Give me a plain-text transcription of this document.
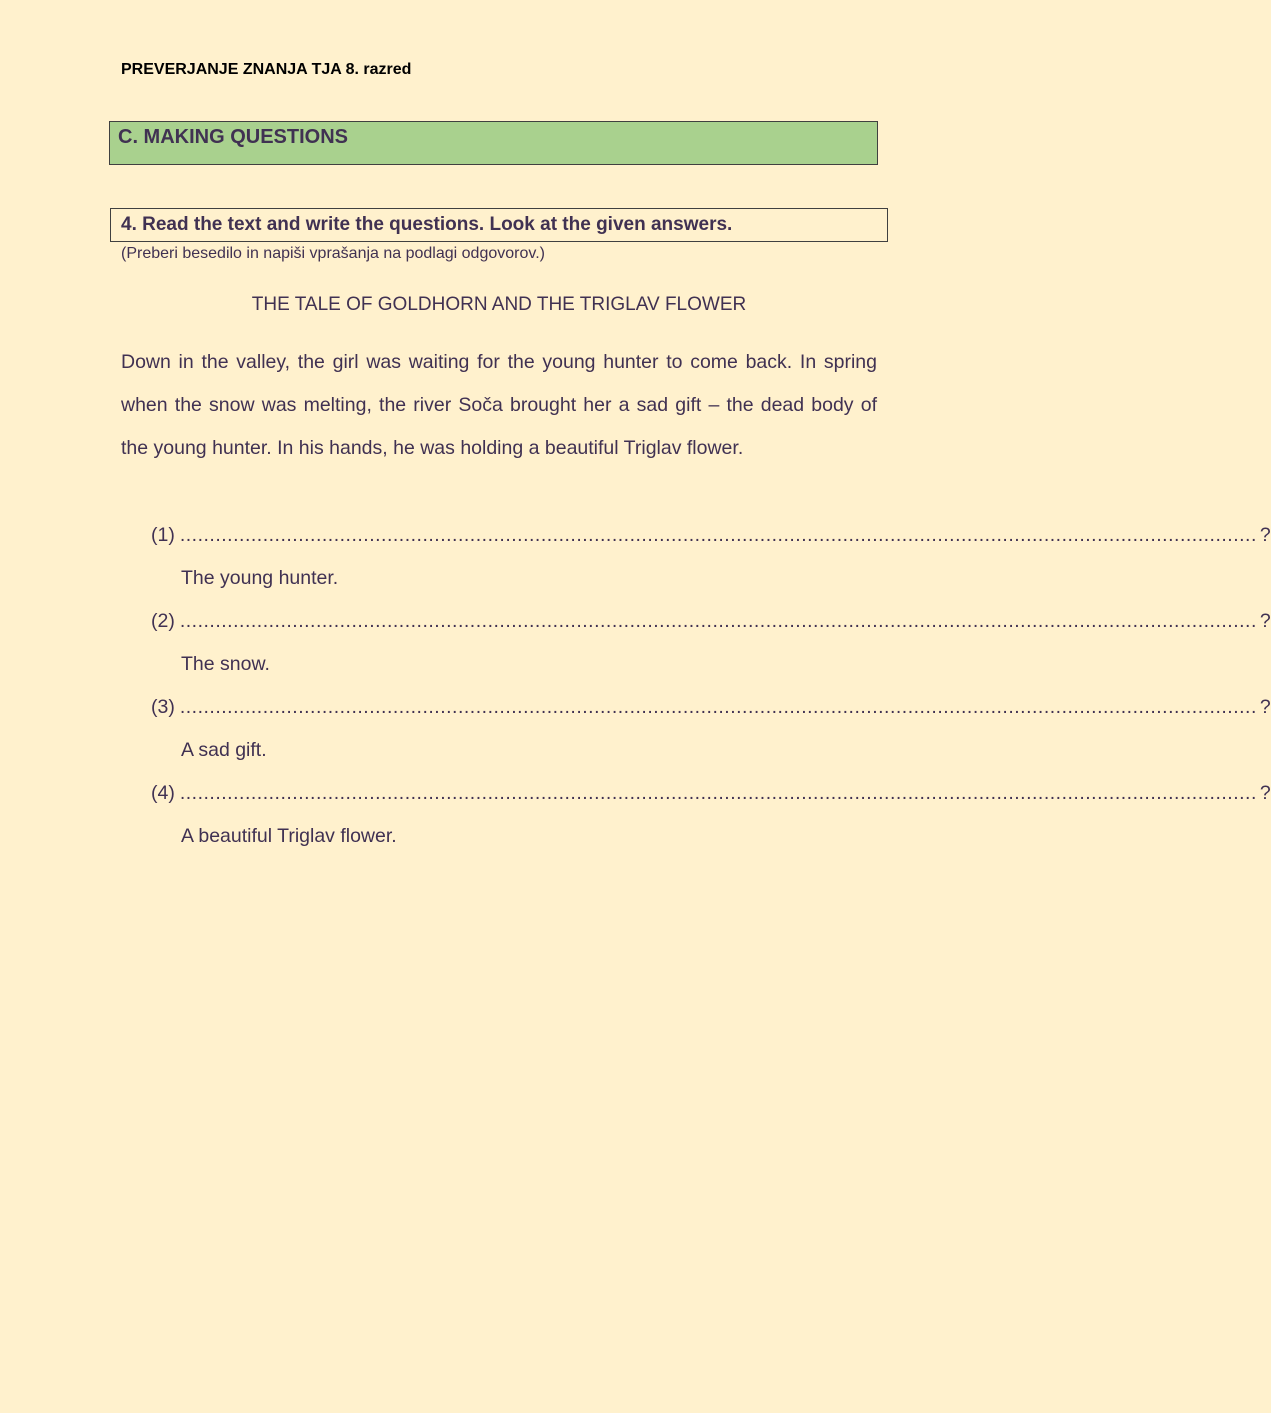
PREVERJANJE ZNANJA TJA 8. razred
C. MAKING QUESTIONS
4. Read the text and write the questions. Look at the given answers.
(Preberi besedilo in napiši vprašanja na podlagi odgovorov.)
THE TALE OF GOLDHORN AND THE TRIGLAV FLOWER
Down in the valley, the girl was waiting for the young hunter to come back. In spring when the snow was melting, the river Soča brought her a sad gift – the dead body of the young hunter. In his hands, he was holding a beautiful Triglav flower.
(1) ...................................................................................................................................................................................... ?
The young hunter.
(2) ...................................................................................................................................................................................... ?
The snow.
(3) ...................................................................................................................................................................................... ?
A sad gift.
(4) ...................................................................................................................................................................................... ?
A beautiful Triglav flower.
